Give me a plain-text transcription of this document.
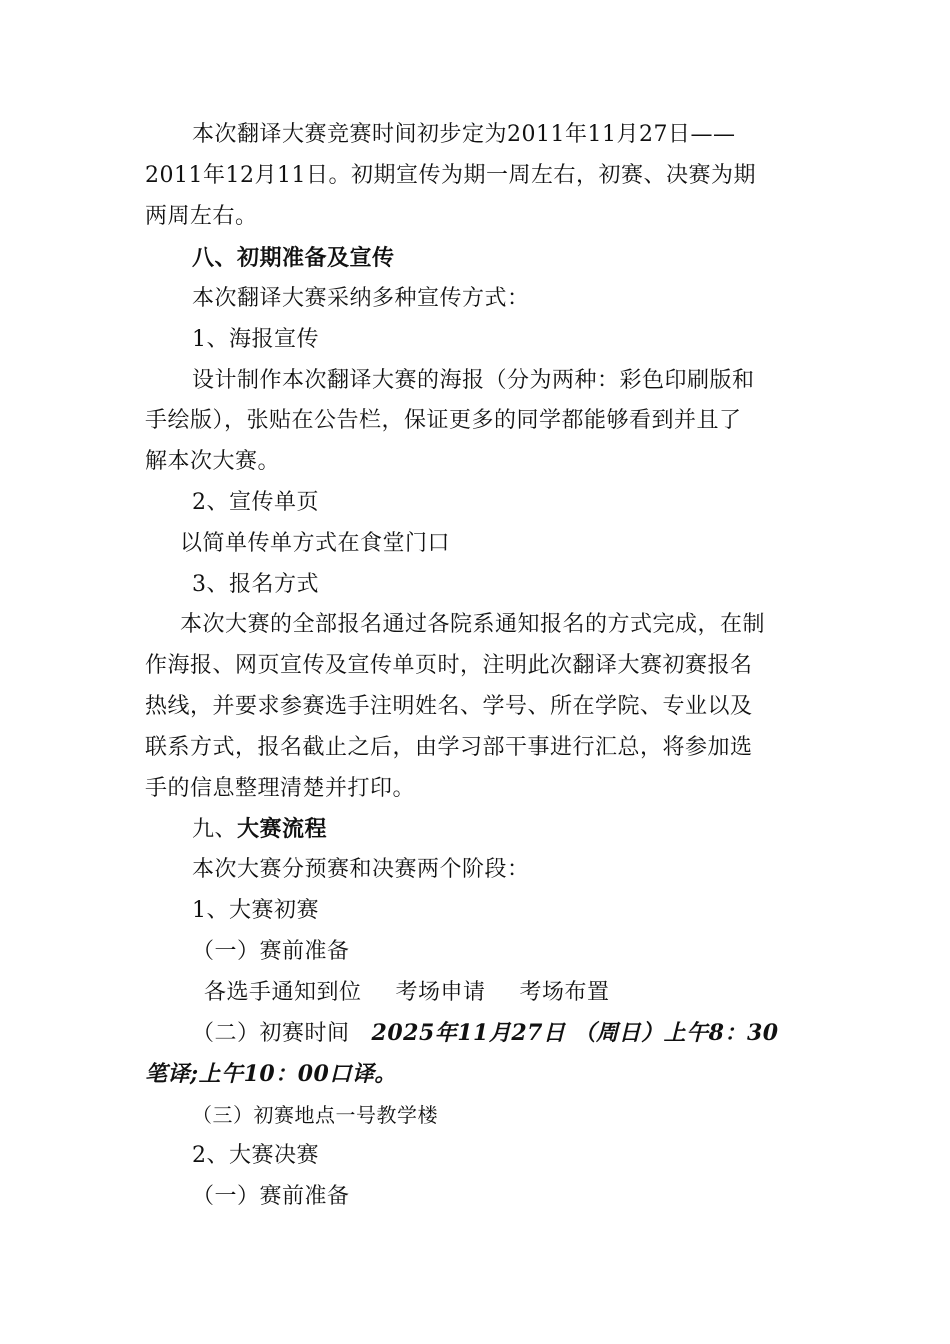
本次翻译大赛竞赛时间初步定为2011年11月27日——
2011年12月11日。初期宣传为期一周左右，初赛、决赛为期
两周左右。
八、初期准备及宣传
本次翻译大赛采纳多种宣传方式：
1、海报宣传
设计制作本次翻译大赛的海报（分为两种：彩色印刷版和
手绘版），张贴在公告栏，保证更多的同学都能够看到并且了
解本次大赛。
2、宣传单页
以简单传单方式在食堂门口
3、报名方式
本次大赛的全部报名通过各院系通知报名的方式完成，在制
作海报、网页宣传及宣传单页时，注明此次翻译大赛初赛报名
热线，并要求参赛选手注明姓名、学号、所在学院、专业以及
联系方式，报名截止之后，由学习部干事进行汇总，将参加选
手的信息整理清楚并打印。
九、大赛流程
本次大赛分预赛和决赛两个阶段：
1、大赛初赛
（一）赛前准备
各选手通知到位 考场申请 考场布置
（二）初赛时间 2025年11月27日 （周日）上午8：30
笔译;上午10：00口译。
（三）初赛地点一号教学楼
2、大赛决赛
（一）赛前准备
